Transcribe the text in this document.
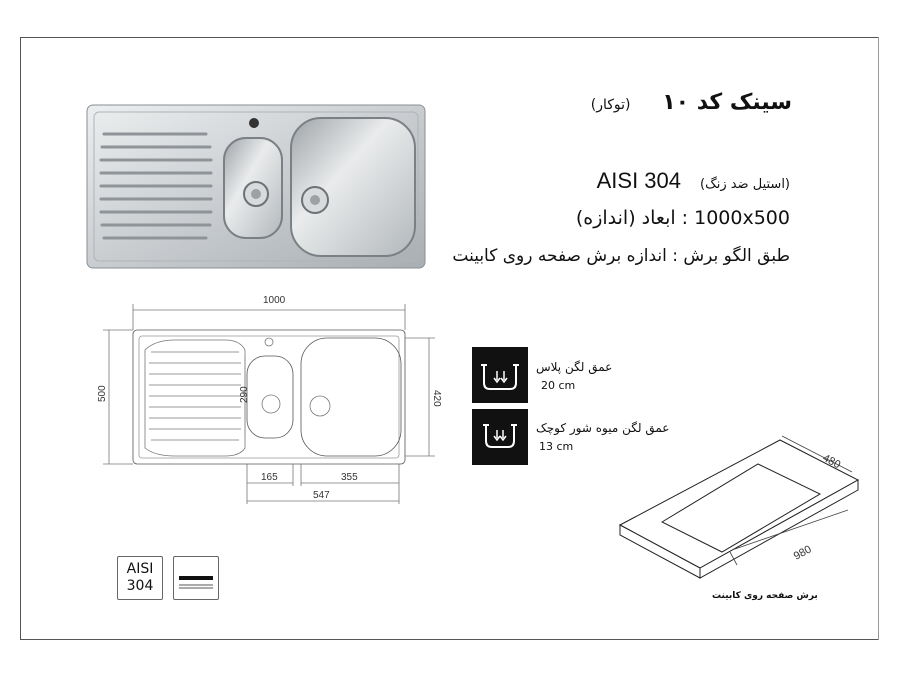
سینک کد ۱۰ (توکار)
(استیل ضد زنگ) AISI 304
1000x500 : ابعاد (اندازه)
طبق الگو برش : اندازه برش صفحه روی کابینت
1000
500	290	420
165	355
547
عمق لگن پلاس
20 cm
عمق لگن میوه شور کوچک
13 cm
480
980
برش صفحه روی کابینت
AISI
304
